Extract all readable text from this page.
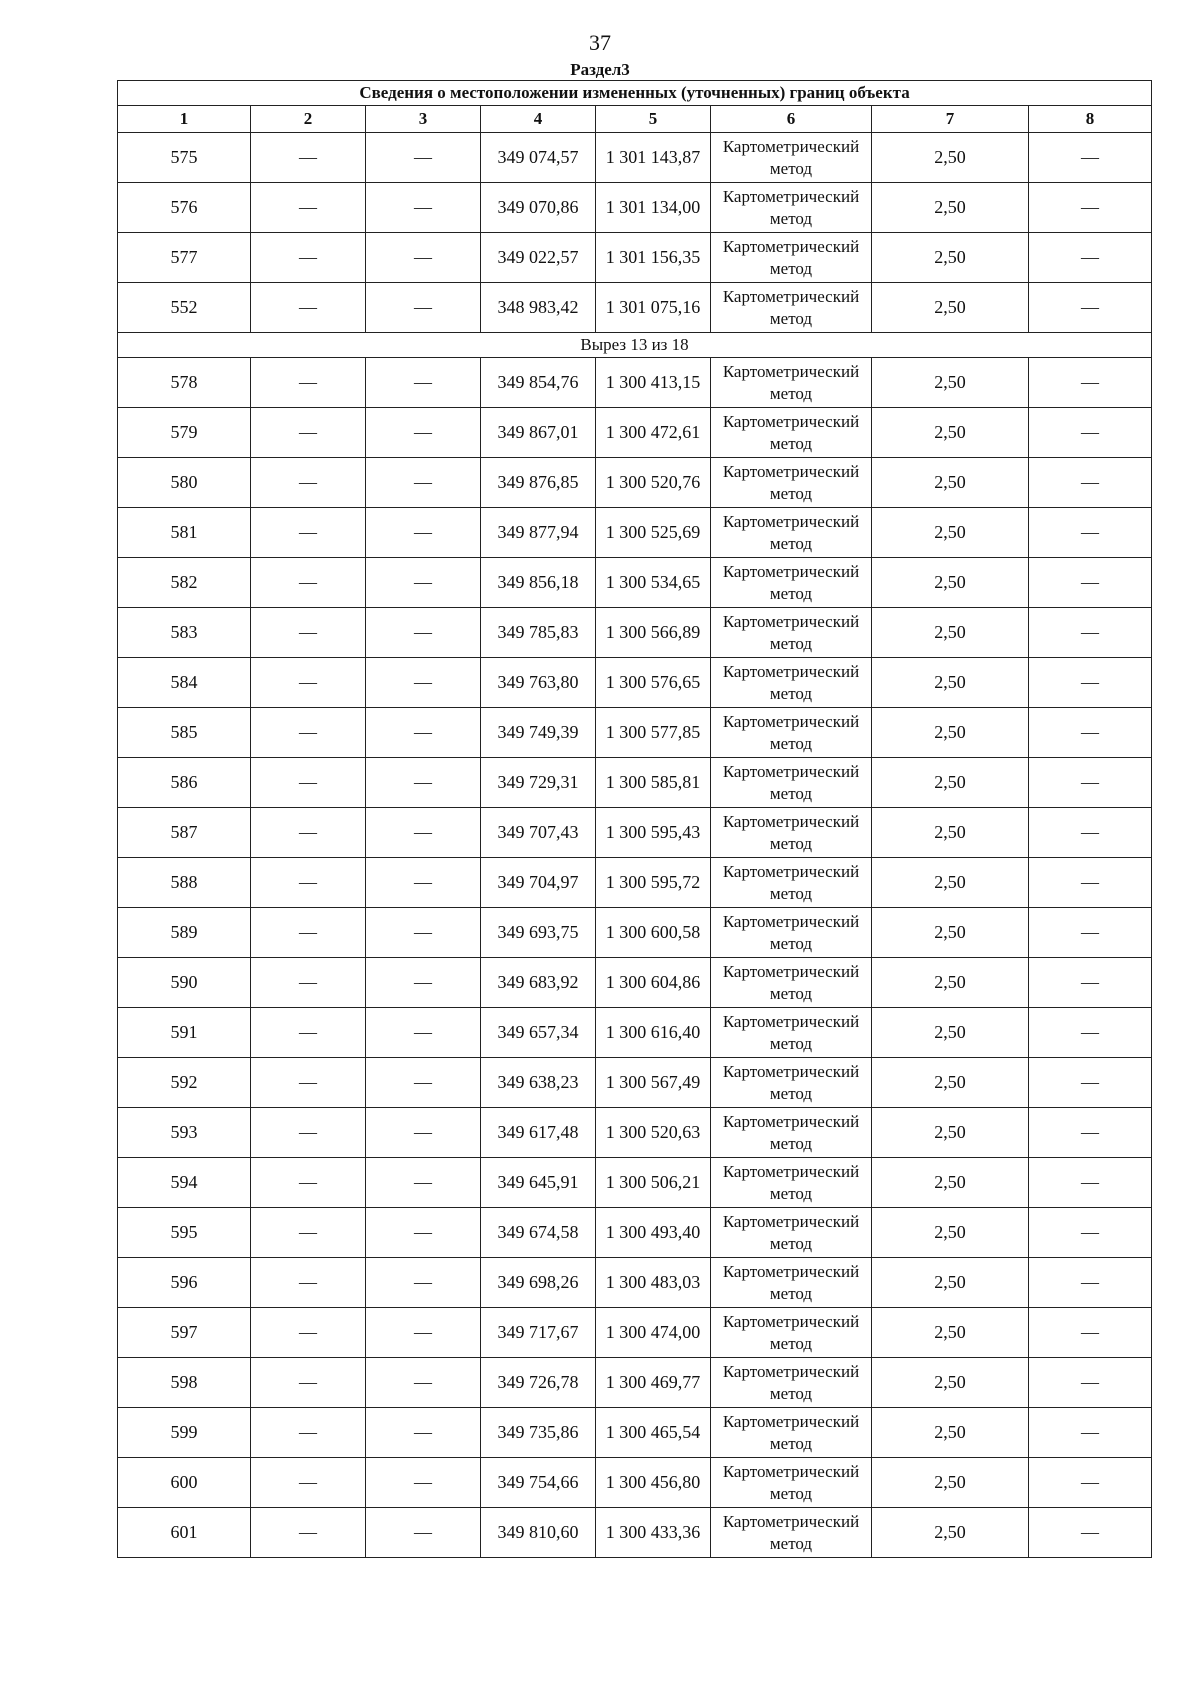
37
Раздел3
Сведения о местоположении измененных (уточненных) границ объекта							
1	2	3	4	5	6	7	8
575	—	—	349 074,57	1 301 143,87	Картометрический метод	2,50	—
576	—	—	349 070,86	1 301 134,00	Картометрический метод	2,50	—
577	—	—	349 022,57	1 301 156,35	Картометрический метод	2,50	—
552	—	—	348 983,42	1 301 075,16	Картометрический метод	2,50	—
Вырез 13 из 18							
578	—	—	349 854,76	1 300 413,15	Картометрический метод	2,50	—
579	—	—	349 867,01	1 300 472,61	Картометрический метод	2,50	—
580	—	—	349 876,85	1 300 520,76	Картометрический метод	2,50	—
581	—	—	349 877,94	1 300 525,69	Картометрический метод	2,50	—
582	—	—	349 856,18	1 300 534,65	Картометрический метод	2,50	—
583	—	—	349 785,83	1 300 566,89	Картометрический метод	2,50	—
584	—	—	349 763,80	1 300 576,65	Картометрический метод	2,50	—
585	—	—	349 749,39	1 300 577,85	Картометрический метод	2,50	—
586	—	—	349 729,31	1 300 585,81	Картометрический метод	2,50	—
587	—	—	349 707,43	1 300 595,43	Картометрический метод	2,50	—
588	—	—	349 704,97	1 300 595,72	Картометрический метод	2,50	—
589	—	—	349 693,75	1 300 600,58	Картометрический метод	2,50	—
590	—	—	349 683,92	1 300 604,86	Картометрический метод	2,50	—
591	—	—	349 657,34	1 300 616,40	Картометрический метод	2,50	—
592	—	—	349 638,23	1 300 567,49	Картометрический метод	2,50	—
593	—	—	349 617,48	1 300 520,63	Картометрический метод	2,50	—
594	—	—	349 645,91	1 300 506,21	Картометрический метод	2,50	—
595	—	—	349 674,58	1 300 493,40	Картометрический метод	2,50	—
596	—	—	349 698,26	1 300 483,03	Картометрический метод	2,50	—
597	—	—	349 717,67	1 300 474,00	Картометрический метод	2,50	—
598	—	—	349 726,78	1 300 469,77	Картометрический метод	2,50	—
599	—	—	349 735,86	1 300 465,54	Картометрический метод	2,50	—
600	—	—	349 754,66	1 300 456,80	Картометрический метод	2,50	—
601	—	—	349 810,60	1 300 433,36	Картометрический метод	2,50	—
